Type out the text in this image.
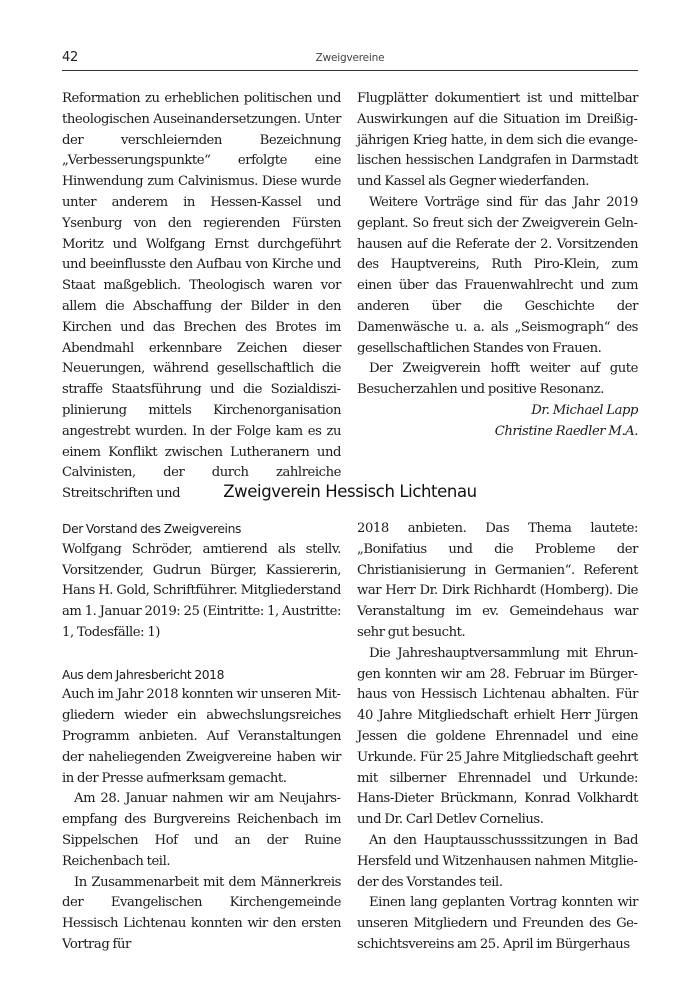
42	Zweigvereine

Reformation zu erheblichen politischen und theologischen Auseinandersetzungen. Unter der verschleiernden Bezeichnung „Verbesserungspunkte“ erfolgte eine Hinwendung zum Calvinismus. Diese wurde unter anderem in Hessen-Kassel und Ysenburg von den regierenden Fürsten Moritz und Wolfgang Ernst durchgeführt und beeinflusste den Aufbau von Kirche und Staat maßgeblich. Theologisch waren vor allem die Abschaffung der Bilder in den Kirchen und das Brechen des Brotes im Abendmahl erkennbare Zeichen dieser Neuerungen, während gesellschaftlich die straffe Staatsführung und die Sozialdisziplinierung mittels Kirchenorganisation angestrebt wurden. In der Folge kam es zu einem Konflikt zwischen Lutheranern und Calvinisten, der durch zahlreiche Streitschriften und

Flugplätter dokumentiert ist und mittelbar Auswirkungen auf die Situation im Dreißigjährigen Krieg hatte, in dem sich die evangelischen hessischen Landgrafen in Darmstadt und Kassel als Gegner wiederfanden.

Weitere Vorträge sind für das Jahr 2019 geplant. So freut sich der Zweigverein Gelnhausen auf die Referate der 2. Vorsitzenden des Hauptvereins, Ruth Piro-Klein, zum einen über das Frauenwahlrecht und zum anderen über die Geschichte der Damenwäsche u. a. als „Seismograph“ des gesellschaftlichen Standes von Frauen.

Der Zweigverein hofft weiter auf gute Besucherzahlen und positive Resonanz.

Dr. Michael Lapp

Christine Raedler M.A.

Zweigverein Hessisch Lichtenau

Der Vorstand des Zweigvereins

Wolfgang Schröder, amtierend als stellv. Vorsitzender, Gudrun Bürger, Kassiererin, Hans H. Gold, Schriftführer. Mitgliederstand am 1. Januar 2019: 25 (Eintritte: 1, Austritte: 1, Todesfälle: 1)

Aus dem Jahresbericht 2018

Auch im Jahr 2018 konnten wir unseren Mitgliedern wieder ein abwechslungsreiches Programm anbieten. Auf Veranstaltungen der naheliegenden Zweigvereine haben wir in der Presse aufmerksam gemacht.

Am 28. Januar nahmen wir am Neujahrsempfang des Burgvereins Reichenbach im Sippelschen Hof und an der Ruine Reichenbach teil.

In Zusammenarbeit mit dem Männerkreis der Evangelischen Kirchengemeinde Hessisch Lichtenau konnten wir den ersten Vortrag für

2018 anbieten. Das Thema lautete: „Bonifatius und die Probleme der Christianisierung in Germanien“. Referent war Herr Dr. Dirk Richhardt (Homberg). Die Veranstaltung im ev. Gemeindehaus war sehr gut besucht.

Die Jahreshauptversammlung mit Ehrungen konnten wir am 28. Februar im Bürgerhaus von Hessisch Lichtenau abhalten. Für 40 Jahre Mitgliedschaft erhielt Herr Jürgen Jessen die goldene Ehrennadel und eine Urkunde. Für 25 Jahre Mitgliedschaft geehrt mit silberner Ehrennadel und Urkunde: Hans-Dieter Brückmann, Konrad Volkhardt und Dr. Carl Detlev Cornelius.

An den Hauptausschusssitzungen in Bad Hersfeld und Witzenhausen nahmen Mitglieder des Vorstandes teil.

Einen lang geplanten Vortrag konnten wir unseren Mitgliedern und Freunden des Geschichtsvereins am 25. April im Bürgerhaus
